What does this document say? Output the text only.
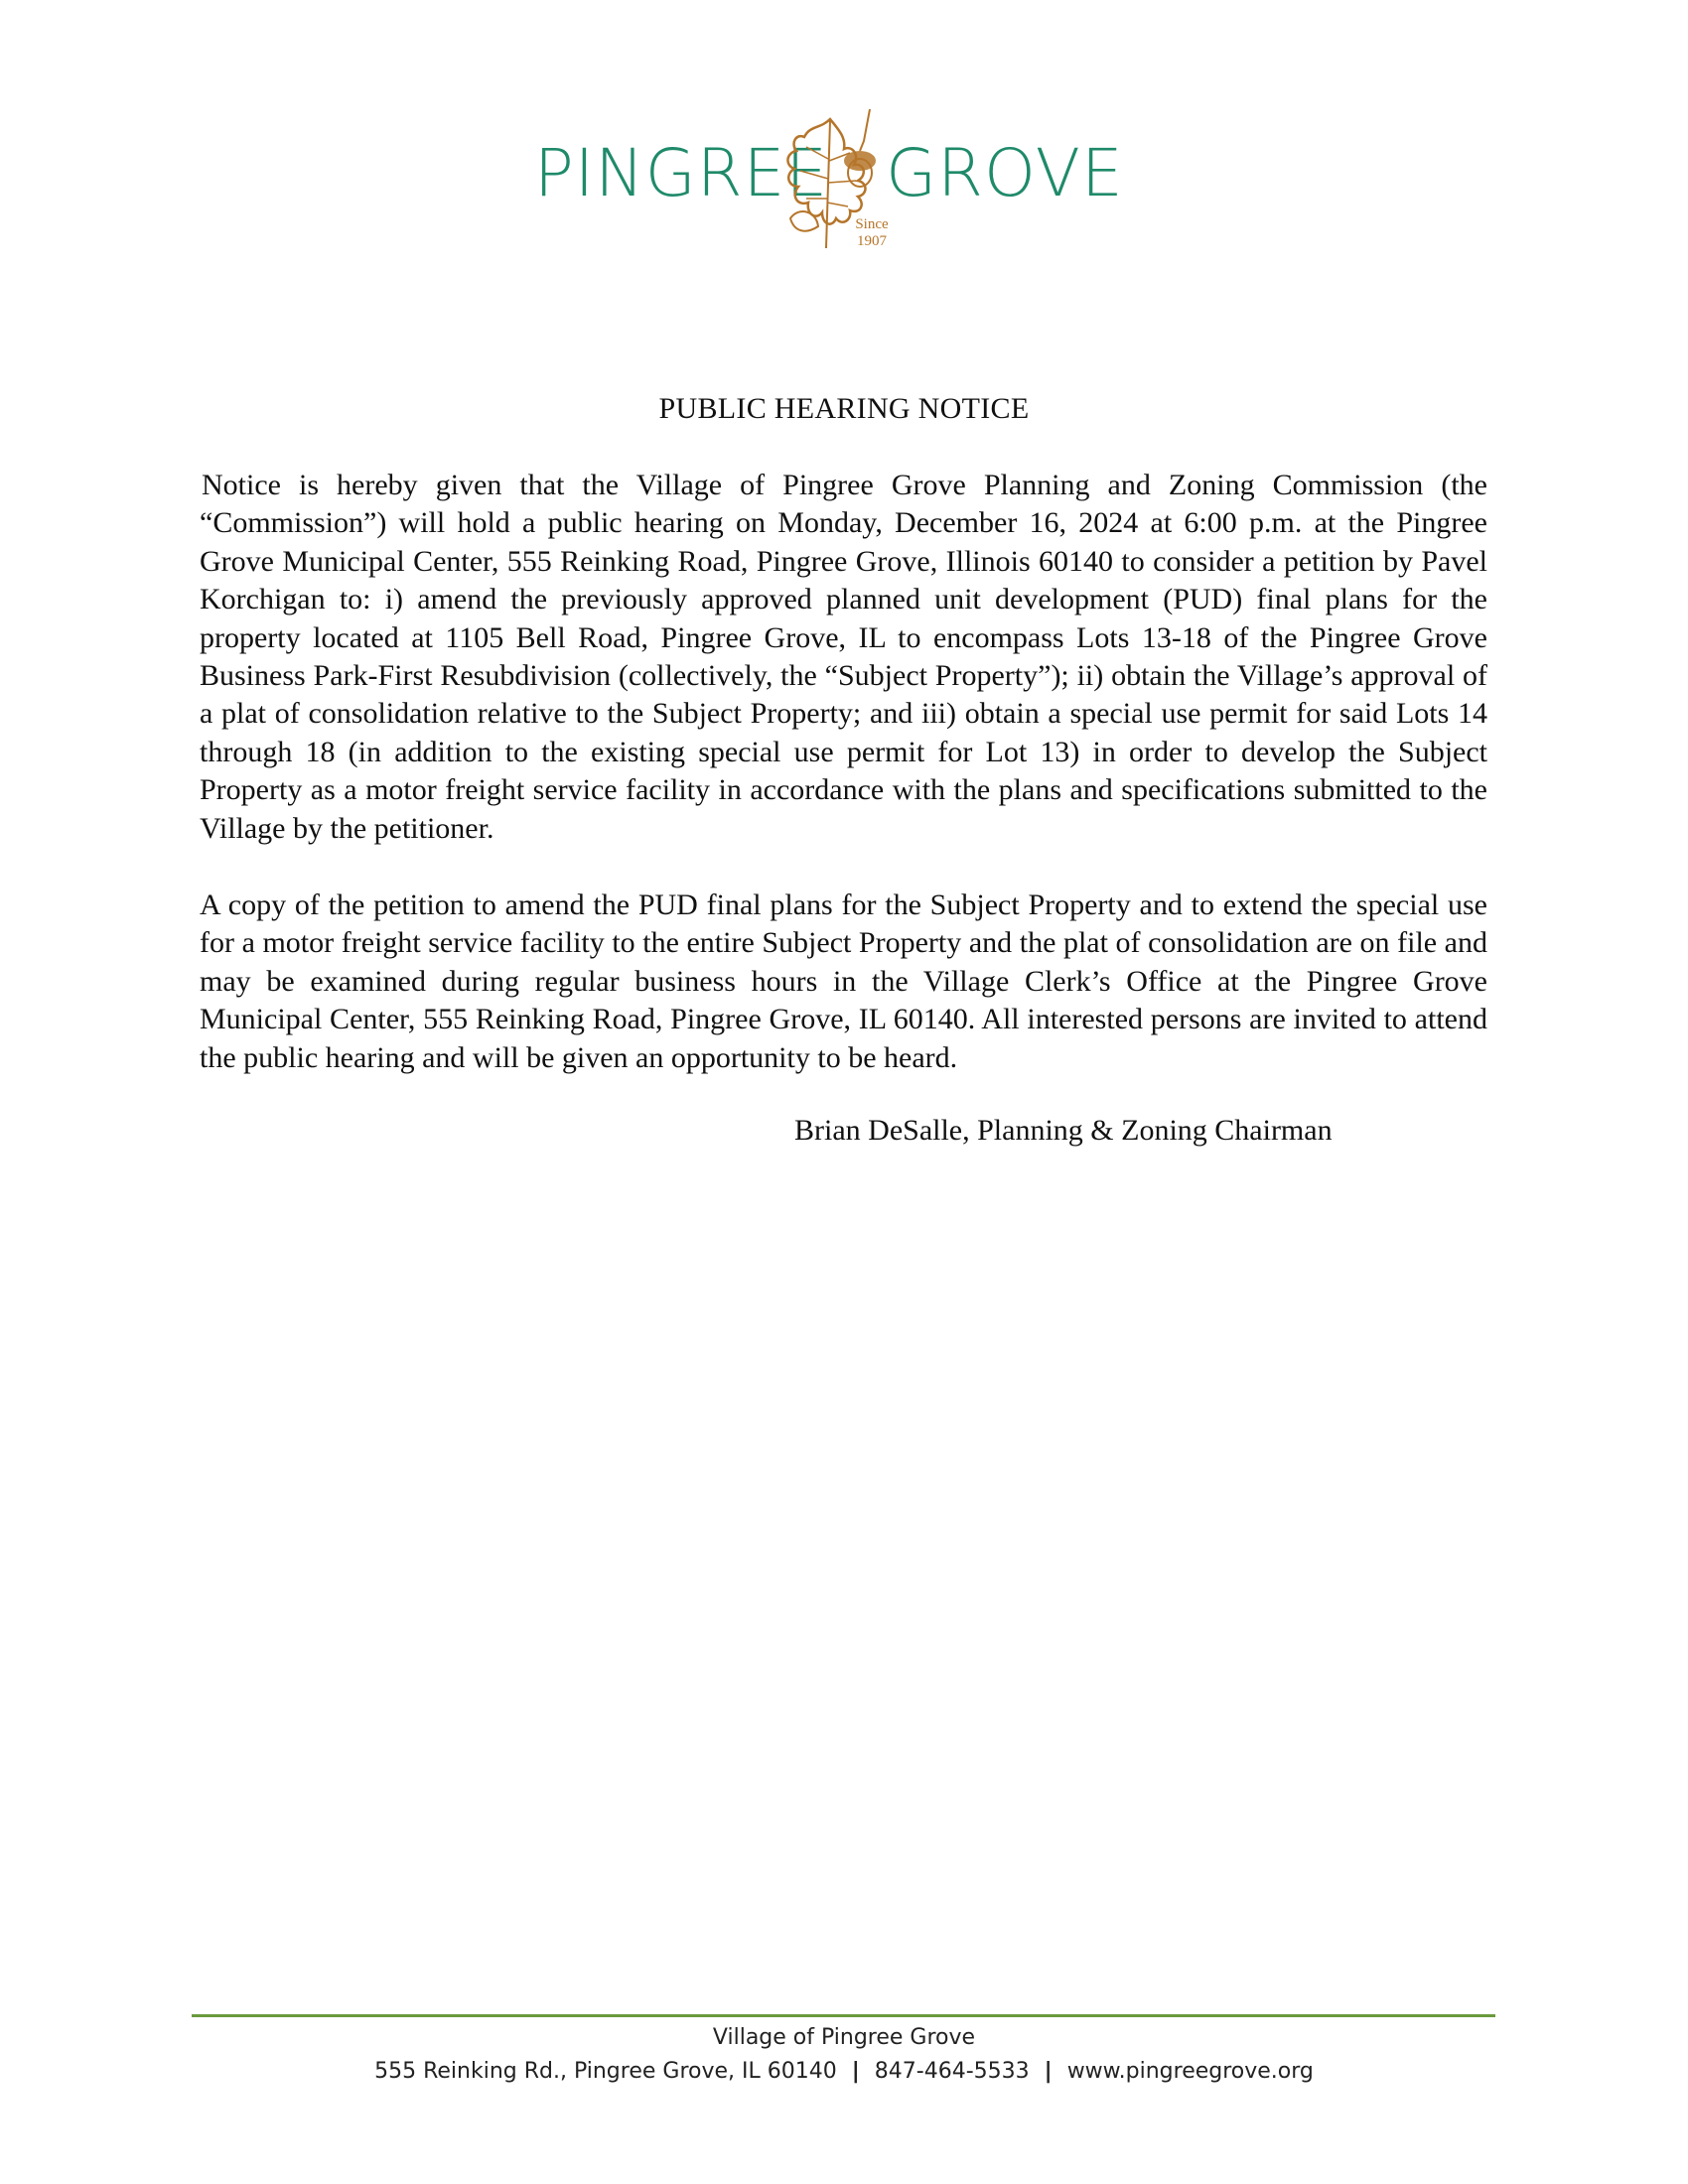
PINGREE
Since
1907
GROVE
PUBLIC HEARING NOTICE

Notice is hereby given that the Village of Pingree Grove Planning and Zoning Commission (the “Commission”) will hold a public hearing on Monday, December 16, 2024 at 6:00 p.m. at the Pingree Grove Municipal Center, 555 Reinking Road, Pingree Grove, Illinois 60140 to consider a petition by Pavel Korchigan to: i) amend the previously approved planned unit development (PUD) final plans for the property located at 1105 Bell Road, Pingree Grove, IL to encompass Lots 13-18 of the Pingree Grove Business Park-First Resubdivision (collectively, the “Subject Property”); ii) obtain the Village’s approval of a plat of consolidation relative to the Subject Property; and iii) obtain a special use permit for said Lots 14 through 18 (in addition to the existing special use permit for Lot 13) in order to develop the Subject Property as a motor freight service facility in accordance with the plans and specifications submitted to the Village by the petitioner.

A copy of the petition to amend the PUD final plans for the Subject Property and to extend the special use for a motor freight service facility to the entire Subject Property and the plat of consolidation are on file and may be examined during regular business hours in the Village Clerk’s Office at the Pingree Grove Municipal Center, 555 Reinking Road, Pingree Grove, IL 60140. All interested persons are invited to attend the public hearing and will be given an opportunity to be heard.

Brian DeSalle, Planning & Zoning Chairman
Village of Pingree Grove
555 Reinking Rd., Pingree Grove, IL 60140 | 847-464-5533 | www.pingreegrove.org
